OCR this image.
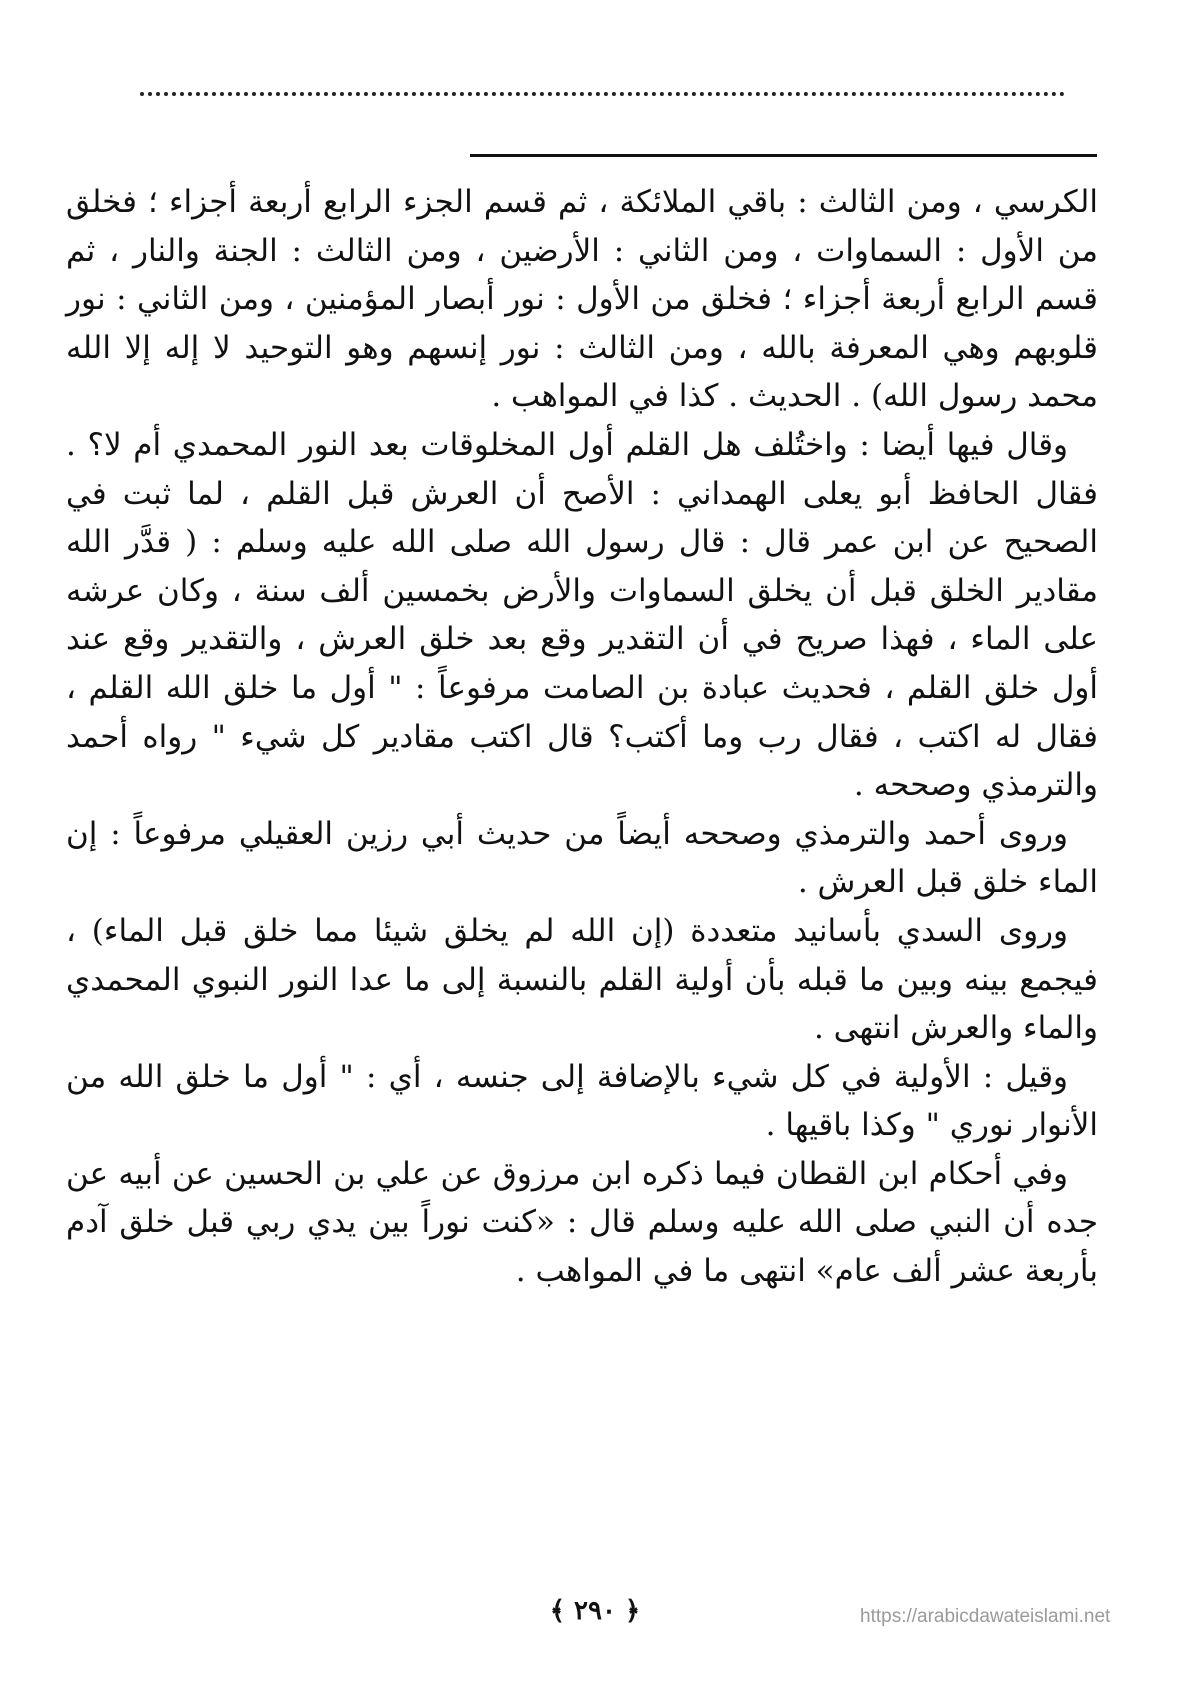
الكرسي ، ومن الثالث : باقي الملائكة ، ثم قسم الجزء الرابع أربعة أجزاء ؛ فخلق من الأول : السماوات ، ومن الثاني : الأرضين ، ومن الثالث : الجنة والنار ، ثم قسم الرابع أربعة أجزاء ؛ فخلق من الأول : نور أبصار المؤمنين ، ومن الثاني : نور قلوبهم وهي المعرفة بالله ، ومن الثالث : نور إنسهم وهو التوحيد لا إله إلا الله محمد رسول الله) . الحديث . كذا في المواهب .

وقال فيها أيضا : واختُلف هل القلم أول المخلوقات بعد النور المحمدي أم لا؟ . فقال الحافظ أبو يعلى الهمداني : الأصح أن العرش قبل القلم ، لما ثبت في الصحيح عن ابن عمر قال : قال رسول الله صلى الله عليه وسلم : ( قدَّر الله مقادير الخلق قبل أن يخلق السماوات والأرض بخمسين ألف سنة ، وكان عرشه على الماء ، فهذا صريح في أن التقدير وقع بعد خلق العرش ، والتقدير وقع عند أول خلق القلم ، فحديث عبادة بن الصامت مرفوعاً : " أول ما خلق الله القلم ، فقال له اكتب ، فقال رب وما أكتب؟ قال اكتب مقادير كل شيء " رواه أحمد والترمذي وصححه .

وروى أحمد والترمذي وصححه أيضاً من حديث أبي رزين العقيلي مرفوعاً : إن الماء خلق قبل العرش .

وروى السدي بأسانيد متعددة (إن الله لم يخلق شيئا مما خلق قبل الماء) ، فيجمع بينه وبين ما قبله بأن أولية القلم بالنسبة إلى ما عدا النور النبوي المحمدي والماء والعرش انتهى .

وقيل : الأولية في كل شيء بالإضافة إلى جنسه ، أي : " أول ما خلق الله من الأنوار نوري " وكذا باقيها .

وفي أحكام ابن القطان فيما ذكره ابن مرزوق عن علي بن الحسين عن أبيه عن جده أن النبي صلى الله عليه وسلم قال : «كنت نوراً بين يدي ربي قبل خلق آدم بأربعة عشر ألف عام» انتهى ما في المواهب .

﴿ ٢٩٠ ﴾	https://arabicdawateislami.net
